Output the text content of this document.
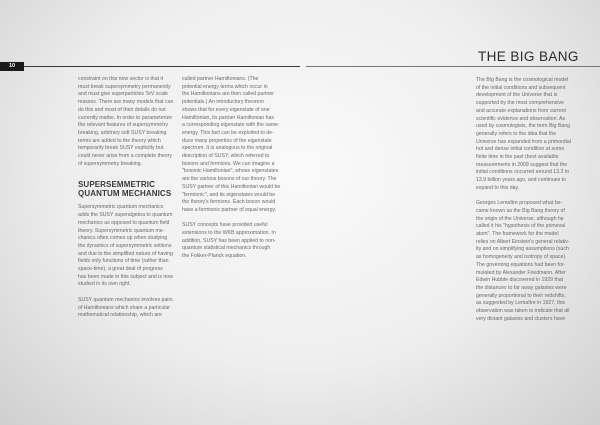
10

constraint on this new sector is that it
must break supersymmetry permanently
and must give superparticles TeV scale
masses. There are many models that can
do this and most of their details do not
currently matter. In order to parameterize
the relevant features of supersymmetry
breaking, arbitrary soft SUSY breaking
terms are added to the theory which
temporarily break SUSY explicitly but
could never arise from a complete theory
of supersymmetry breaking.

SUPERSEMMETRIC
QUANTUM MECHANICS

Supersymmetric quantum mechanics
adds the SUSY superalgebra to quantum
mechanics as opposed to quantum field
theory. Supersymmetric quantum me-
chanics often comes up when studying
the dynamics of supersymmetric solitons
and due to the simplified nature of having
fields only functions of time (rather than
space-time), a great deal of progress
has been made in this subject and is now
studied in its own right.

SUSY quantum mechanics involves pairs
of Hamiltonians which share a particular
mathematical relationship, which are

called partner Hamiltonians. (The
potential energy terms which occur in
the Hamiltonians are then called partner
potentials.) An introductory theorem
shows that for every eigenstate of one
Hamiltonian, its partner Hamiltonian has
a corresponding eigenstate with the same
energy. This fact can be exploited to de-
duce many properties of the eigenstate
spectrum. It is analogous to the original
description of SUSY, which referred to
bosons and fermions. We can imagine a
"bosonic Hamiltonian", whose eigenstates
are the various bosons of our theory. The
SUSY partner of this Hamiltonian would be
"fermionic", and its eigenstates would be
the theory's fermions. Each boson would
have a fermionic partner of equal energy.

SUSY concepts have provided useful
extensions to the WKB approximation. In
addition, SUSY has been applied to non-
quantum statistical mechanics through
the Fokker-Planck equation.

THE BIG BANG

The Big Bang is the cosmological model
of the initial conditions and subsequent
development of the Universe that is
supported by the most comprehensive
and accurate explanations from current
scientific evidence and observation. As
used by cosmologists, the term Big Bang
generally refers to the idea that the
Universe has expanded from a primordial
hot and dense initial condition at some
finite time in the past (best available
measurements in 2009 suggest that the
initial conditions occurred around 13.3 to
13.9 billion years ago, and continues to
expand to this day.

Georges Lemaître proposed what be-
came known as the Big Bang theory of
the origin of the Universe, although he
called it his "hypothesis of the primeval
atom". The framework for the model
relies on Albert Einstein's general relativ-
ity and on simplifying assumptions (such
as homogeneity and isotropy of space).
The governing equations had been for-
mulated by Alexander Friedmann. After
Edwin Hubble discovered in 1929 that
the distances to far away galaxies were
generally proportional to their redshifts,
as suggested by Lemaître in 1927, this
observation was taken to indicate that all
very distant galaxies and clusters have
